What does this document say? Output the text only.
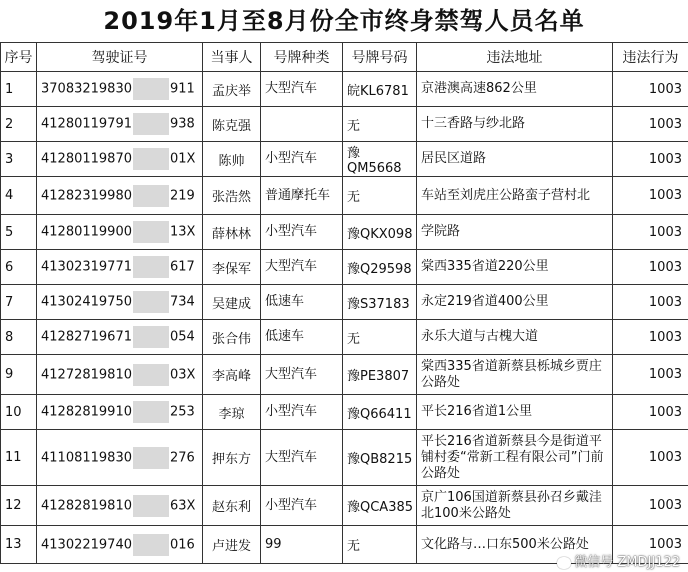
2019年1月至8月份全市终身禁驾人员名单
序号	驾驶证号	当事人	号牌种类	号牌号码	违法地址	违法行为
1	37083219830 911	孟庆举	大型汽车	皖KL6781	京港澳高速862公里	1003
2	41280119791 938	陈克强		无	十三香路与纱北路	1003
3	41280119870 01X	陈帅	小型汽车	豫QM5668	居民区道路	1003
4	41282319980 219	张浩然	普通摩托车	无	车站至刘虎庄公路蛮子营村北	1003
5	41280119900 13X	薛林林	小型汽车	豫QKX098	学院路	1003
6	41302319771 617	李保军	大型汽车	豫Q29598	棠西335省道220公里	1003
7	41302419750 734	吴建成	低速车	豫S37183	永定219省道400公里	1003
8	41282719671 054	张合伟	低速车	无	永乐大道与古槐大道	1003
9	41272819810 03X	李高峰	大型汽车	豫PE3807	棠西335省道新蔡县栎城乡贾庄公路处	1003
10	41282819910 253	李琼	小型汽车	豫Q66411	平长216省道1公里	1003
11	41108119830 276	押东方	大型汽车	豫QB8215	平长216省道新蔡县今是街道平铺村委“常新工程有限公司”门前公路处	1003
12	41282819810 63X	赵东利	小型汽车	豫QCA385	京广106国道新蔡县孙召乡戴洼北100米公路处	1003
13	41302219740 016	卢进发	99	无	文化路与…口东500米公路处	1003
微信号 ZMDJJ122
